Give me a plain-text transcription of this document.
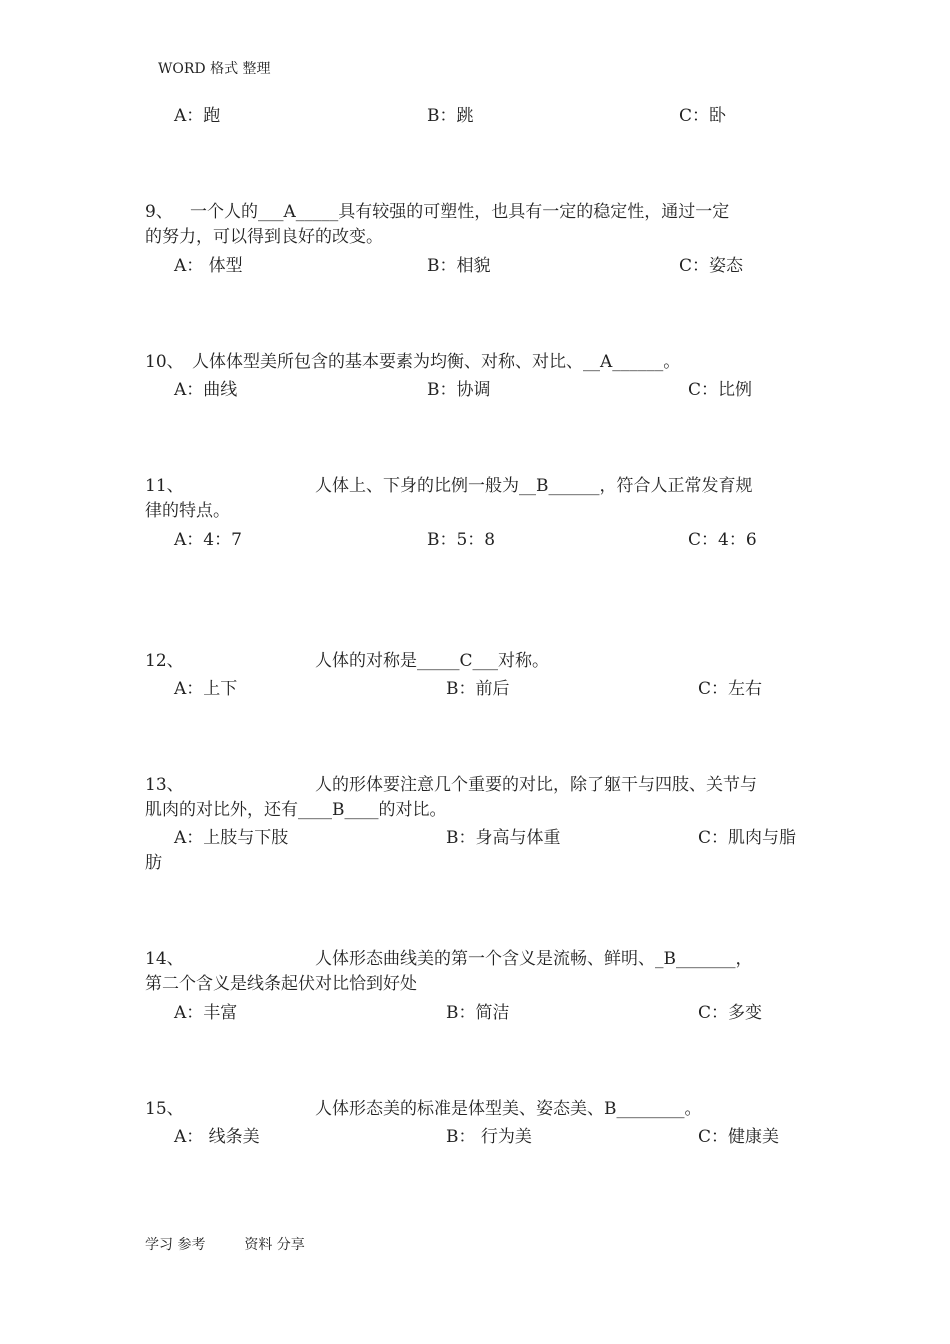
WORD 格式 整理
A：跑	B：跳	C：卧
9、 一个人的___A_____具有较强的可塑性，也具有一定的稳定性，通过一定
的努力，可以得到良好的改变。
A： 体型	B：相貌	C：姿态
10、 人体体型美所包含的基本要素为均衡、对称、对比、__A______。
A：曲线	B：协调	C：比例
11、	人体上、下身的比例一般为__B______，符合人正常发育规
律的特点。
A：4：7	B：5：8	C：4：6
12、	人体的对称是_____C___对称。
A：上下	B：前后	C：左右
13、	人的形体要注意几个重要的对比，除了躯干与四肢、关节与
肌肉的对比外，还有____B____的对比。
A：上肢与下肢	B：身高与体重	C：肌肉与脂
肪
14、	人体形态曲线美的第一个含义是流畅、鲜明、_B_______，
第二个含义是线条起伏对比恰到好处
A：丰富	B：简洁	C：多变
15、	人体形态美的标准是体型美、姿态美、B________。
A： 线条美	B： 行为美	C：健康美
学习 参考	资料 分享
